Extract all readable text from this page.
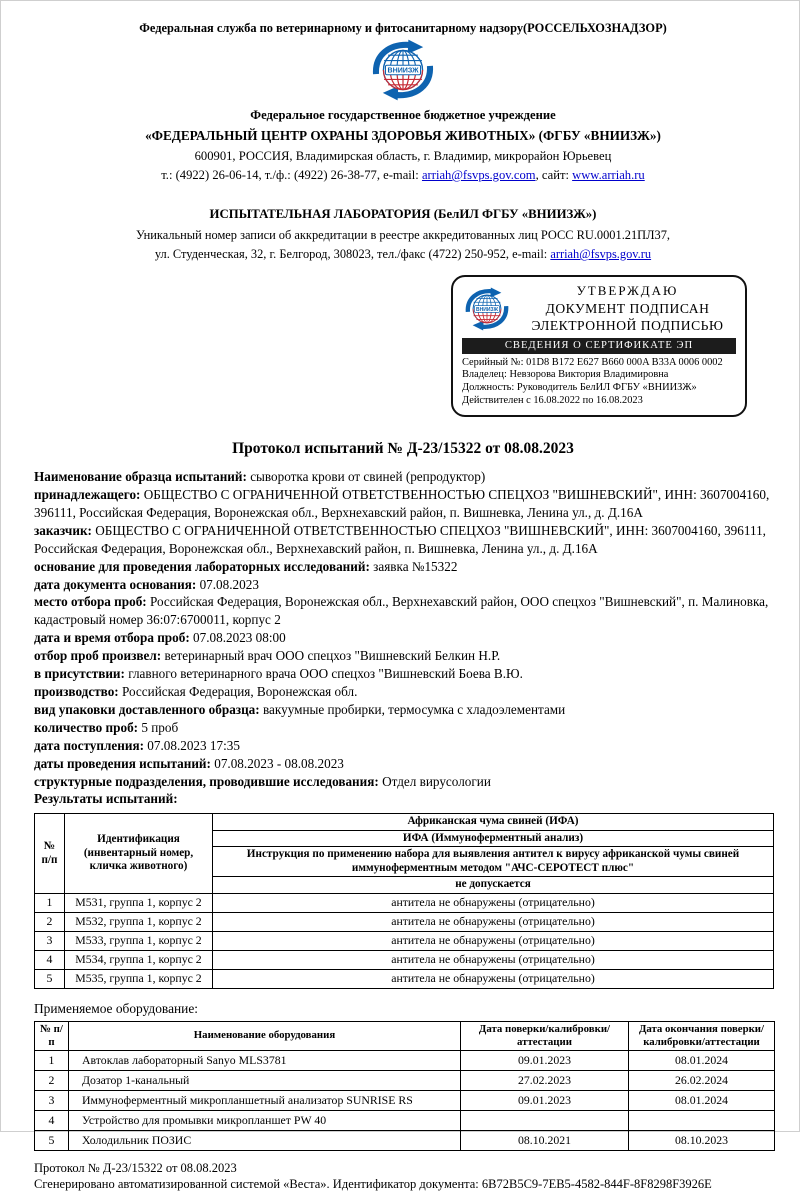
Федеральная служба по ветеринарному и фитосанитарному надзору(РОССЕЛЬХОЗНАДЗОР)
Федеральное государственное бюджетное учреждение
«ФЕДЕРАЛЬНЫЙ ЦЕНТР ОХРАНЫ ЗДОРОВЬЯ ЖИВОТНЫХ» (ФГБУ «ВНИИЗЖ»)
600901, РОССИЯ, Владимирская область, г. Владимир, микрорайон Юрьевец
т.: (4922) 26-06-14, т./ф.: (4922) 26-38-77, e-mail: arriah@fsvps.gov.com, сайт: www.arriah.ru
ИСПЫТАТЕЛЬНАЯ ЛАБОРАТОРИЯ (БелИЛ ФГБУ «ВНИИЗЖ»)
Уникальный номер записи об аккредитации в реестре аккредитованных лиц РОСС RU.0001.21ПЛ37,
ул. Студенческая, 32, г. Белгород, 308023, тел./факс (4722) 250-952, e-mail: arriah@fsvps.gov.ru
УТВЕРЖДАЮ
ДОКУМЕНТ ПОДПИСАН
ЭЛЕКТРОННОЙ ПОДПИСЬЮ
СВЕДЕНИЯ О СЕРТИФИКАТЕ ЭП
Серийный №: 01D8 B172 E627 B660 000A B33A 0006 0002
Владелец: Невзорова Виктория Владимировна
Должность: Руководитель БелИЛ ФГБУ «ВНИИЗЖ»
Действителен с 16.08.2022 по 16.08.2023
Протокол испытаний № Д-23/15322 от 08.08.2023

Наименование образца испытаний: сыворотка крови от свиней (репродуктор)

принадлежащего: ОБЩЕСТВО С ОГРАНИЧЕННОЙ ОТВЕТСТВЕННОСТЬЮ СПЕЦХОЗ "ВИШНЕВСКИЙ", ИНН: 3607004160, 396111, Российская Федерация, Воронежская обл., Верхнехавский район, п. Вишневка, Ленина ул., д. Д.16А

заказчик: ОБЩЕСТВО С ОГРАНИЧЕННОЙ ОТВЕТСТВЕННОСТЬЮ СПЕЦХОЗ "ВИШНЕВСКИЙ", ИНН: 3607004160, 396111, Российская Федерация, Воронежская обл., Верхнехавский район, п. Вишневка, Ленина ул., д. Д.16А

основание для проведения лабораторных исследований: заявка №15322

дата документа основания: 07.08.2023

место отбора проб: Российская Федерация, Воронежская обл., Верхнехавский район, ООО спецхоз "Вишневский", п. Малиновка, кадастровый номер 36:07:6700011, корпус 2

дата и время отбора проб: 07.08.2023 08:00

отбор проб произвел: ветеринарный врач ООО спецхоз "Вишневский Белкин Н.Р.

в присутствии: главного ветеринарного врача ООО спецхоз "Вишневский Боева В.Ю.

производство: Российская Федерация, Воронежская обл.

вид упаковки доставленного образца: вакуумные пробирки, термосумка с хладоэлементами

количество проб: 5 проб

дата поступления: 07.08.2023 17:35

даты проведения испытаний: 07.08.2023 - 08.08.2023

структурные подразделения, проводившие исследования: Отдел вирусологии

Результаты испытаний:

№ п/п	Идентификация (инвентарный номер, кличка животного)	Африканская чума свиней (ИФА)
		ИФА (Иммуноферментный анализ)
		Инструкция по применению набора для выявления антител к вирусу африканской чумы свиней иммуноферментным методом "АЧС-СЕРОТЕСТ плюс"
		не допускается
1	М531, группа 1, корпус 2	антитела не обнаружены (отрицательно)
2	М532, группа 1, корпус 2	антитела не обнаружены (отрицательно)
3	М533, группа 1, корпус 2	антитела не обнаружены (отрицательно)
4	М534, группа 1, корпус 2	антитела не обнаружены (отрицательно)
5	М535, группа 1, корпус 2	антитела не обнаружены (отрицательно)
Применяемое оборудование:
№ п/п	Наименование оборудования	Дата поверки/калибровки/аттестации	Дата окончания поверки/калибровки/аттестации
1	Автоклав лабораторный Sanyo MLS3781	09.01.2023	08.01.2024
2	Дозатор 1-канальный	27.02.2023	26.02.2024
3	Иммуноферментный микропланшетный анализатор SUNRISE RS	09.01.2023	08.01.2024
4	Устройство для промывки микропланшет PW 40		
5	Холодильник ПОЗИС	08.10.2021	08.10.2023

Протокол № Д-23/15322 от 08.08.2023

Сгенерировано автоматизированной системой «Веста». Идентификатор документа: 6B72B5C9-7EB5-4582-844F-8F8298F3926E
